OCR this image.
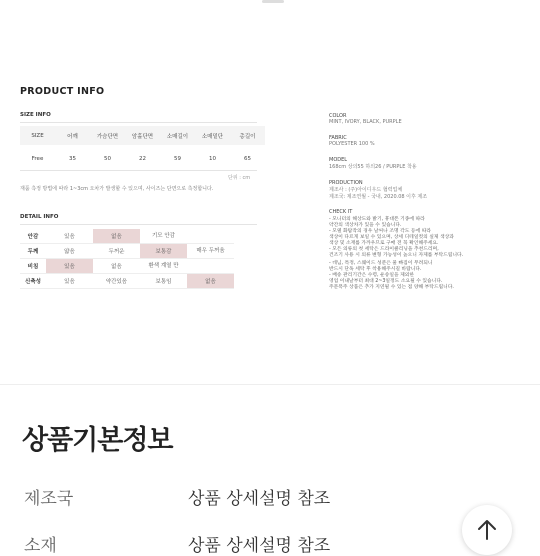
PRODUCT INFO
SIZE INFO
SIZE	어깨	가슴단면	암홀단면	소매길이	소매밑단	총길이
Free	35	50	22	59	10	65
단위 : cm
재품 측정 방법에 따라 1~3cm 오차가 발생할 수 있으며, 사이즈는 단면으로 측정합니다.
DETAIL INFO
안감	있음	없음	기모 안감	
두께	얇음	두꺼운	보통감	매우 두꺼움
비침	있음	없음	환색 계열 만	
신축성	있음	약간있음	보통임	없음
COLOR
MINT, IVORY, BLACK, PURPLE
FABRIC
POLYESTER 100 %
MODEL
168cm 상의55 하의26 / PURPLE 착용
PRODUCTION
제조사 : (주)아이디우드 협력업체
제조국: 제조연월 - 국내, 2020.08 이후 제조
CHECK IT
- 모니터의 해상도와 밝기, 휴대폰 기종에 따라
약간의 색상차가 있을 수 있습니다.
- 모델 화탐작의 경우 날씨나 조명 각도 등에 따라
색상이 다르게 보일 수 있으며, 상세 디테일컷의 실제 색상과
색상 및 소재를 가까우므로 구매 전 꼭 확인해주세요.
- 모든 의류의 첫 세탁은 드라이클리닝을 추천드리며,
건조기 사용 시 의류 변형 가능성이 높으니 자제를 부탁드립니다.
- 데님, 특정, 스웨이드 성분은 물 빠짐이 무려되니
반드시 단독 세탁 후 착용해주시길 바랍니다.
- 배송 관리기간은 수령, 운송일을 제외한
영업 이내날부터 최대 2~3일정도 소요될 수 있습니다.
주문폭주 상품은 추가 지연될 수 있는 점 양해 부탁드립니다.
상품기본정보
제조국	상품 상세설명 참조
소재	상품 상세설명 참조
